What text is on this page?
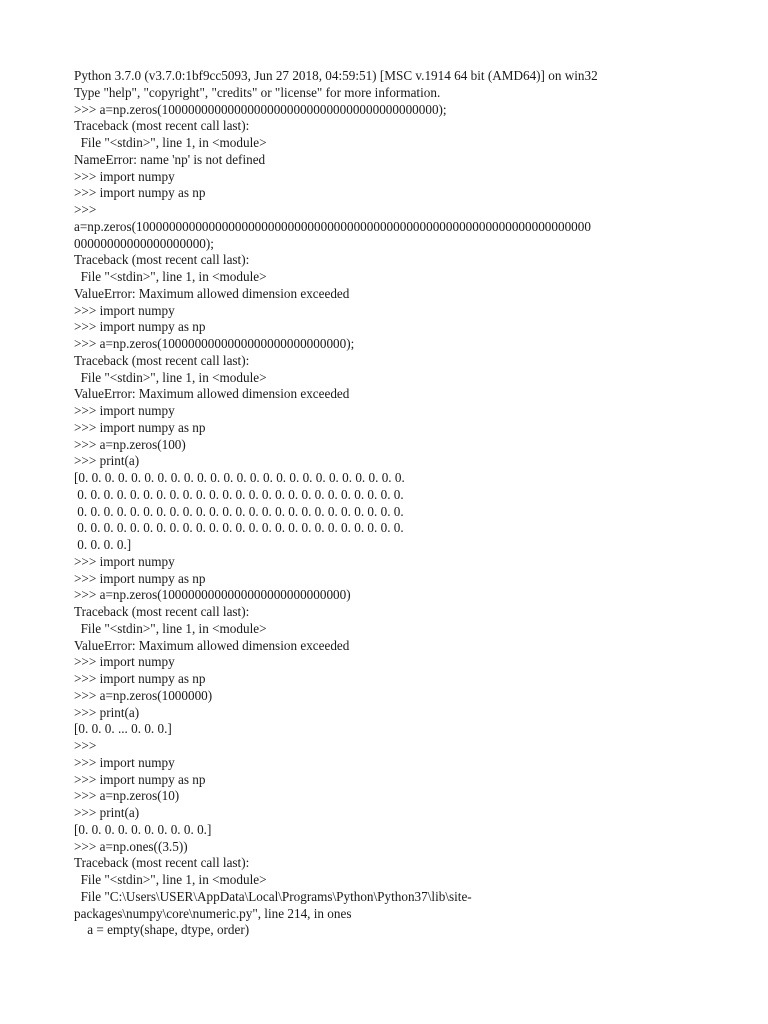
Python 3.7.0 (v3.7.0:1bf9cc5093, Jun 27 2018, 04:59:51) [MSC v.1914 64 bit (AMD64)] on win32
Type "help", "copyright", "credits" or "license" for more information.
>>> a=np.zeros(100000000000000000000000000000000000000000);
Traceback (most recent call last):
File "<stdin>", line 1, in <module>
NameError: name 'np' is not defined
>>> import numpy
>>> import numpy as np
>>>
a=np.zeros(100000000000000000000000000000000000000000000000000000000000000000000
00000000000000000000);
Traceback (most recent call last):
File "<stdin>", line 1, in <module>
ValueError: Maximum allowed dimension exceeded
>>> import numpy
>>> import numpy as np
>>> a=np.zeros(1000000000000000000000000000);
Traceback (most recent call last):
File "<stdin>", line 1, in <module>
ValueError: Maximum allowed dimension exceeded
>>> import numpy
>>> import numpy as np
>>> a=np.zeros(100)
>>> print(a)
[0. 0. 0. 0. 0. 0. 0. 0. 0. 0. 0. 0. 0. 0. 0. 0. 0. 0. 0. 0. 0. 0. 0. 0. 0.
0. 0. 0. 0. 0. 0. 0. 0. 0. 0. 0. 0. 0. 0. 0. 0. 0. 0. 0. 0. 0. 0. 0. 0. 0.
0. 0. 0. 0. 0. 0. 0. 0. 0. 0. 0. 0. 0. 0. 0. 0. 0. 0. 0. 0. 0. 0. 0. 0. 0.
0. 0. 0. 0. 0. 0. 0. 0. 0. 0. 0. 0. 0. 0. 0. 0. 0. 0. 0. 0. 0. 0. 0. 0. 0.
0. 0. 0. 0.]
>>> import numpy
>>> import numpy as np
>>> a=np.zeros(1000000000000000000000000000)
Traceback (most recent call last):
File "<stdin>", line 1, in <module>
ValueError: Maximum allowed dimension exceeded
>>> import numpy
>>> import numpy as np
>>> a=np.zeros(1000000)
>>> print(a)
[0. 0. 0. ... 0. 0. 0.]
>>>
>>> import numpy
>>> import numpy as np
>>> a=np.zeros(10)
>>> print(a)
[0. 0. 0. 0. 0. 0. 0. 0. 0. 0.]
>>> a=np.ones((3.5))
Traceback (most recent call last):
File "<stdin>", line 1, in <module>
File "C:\Users\USER\AppData\Local\Programs\Python\Python37\lib\site-
packages\numpy\core\numeric.py", line 214, in ones
a = empty(shape, dtype, order)
